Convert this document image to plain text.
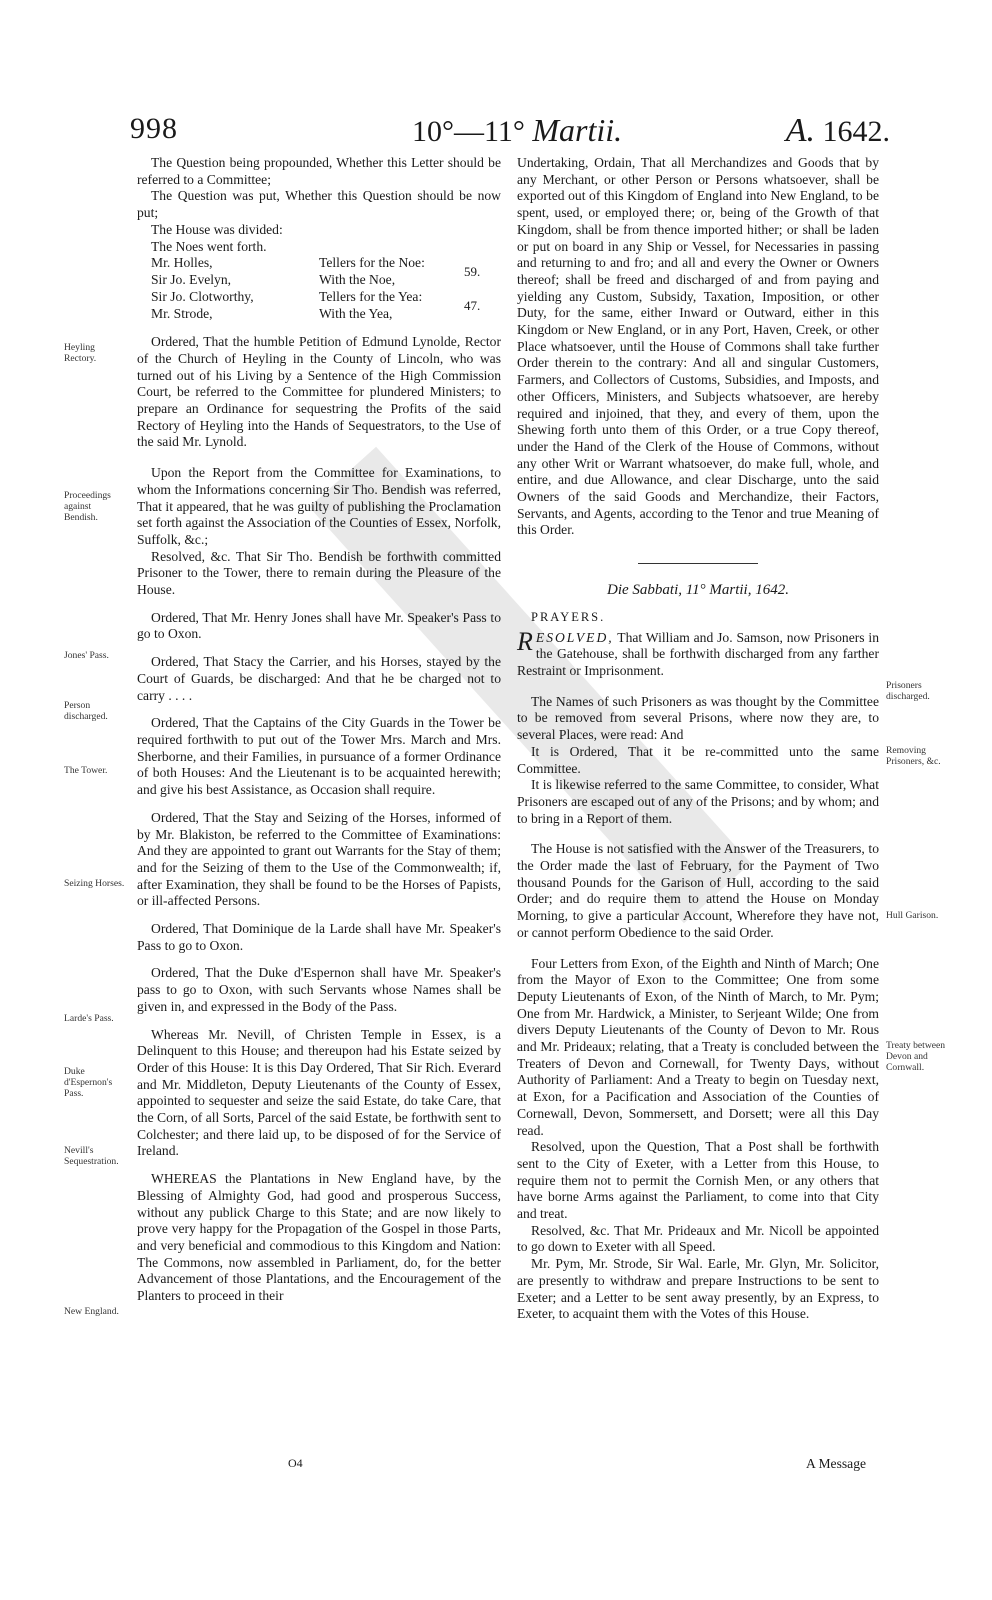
998	10°—11° Martii.	A. 1642.
Heyling Rectory.
Proceedings against Bendish.
Jones' Pass.
Person discharged.
The Tower.
Seizing Horses.
Larde's Pass.
Duke d'Espernon's Pass.
Nevill's Sequestration.
New England.
Prisoners discharged.
Removing Prisoners, &c.
Hull Garison.
Treaty between Devon and Cornwall.

The Question being propounded, Whether this Letter should be referred to a Committee;

The Question was put, Whether this Question should be now put;

The House was divided:

The Noes went forth.

Mr. Holles,	Tellers for the Noe:
Sir Jo. Evelyn,	With the Noe,
59.
Sir Jo. Clotworthy,	Tellers for the Yea:
Mr. Strode,	With the Yea,
47.

Ordered, That the humble Petition of Edmund Lynolde, Rector of the Church of Heyling in the County of Lincoln, who was turned out of his Living by a Sentence of the High Commission Court, be referred to the Committee for plundered Ministers; to prepare an Ordinance for sequestring the Profits of the said Rectory of Heyling into the Hands of Sequestrators, to the Use of the said Mr. Lynold.

Upon the Report from the Committee for Examinations, to whom the Informations concerning Sir Tho. Bendish was referred, That it appeared, that he was guilty of publishing the Proclamation set forth against the Association of the Counties of Essex, Norfolk, Suffolk, &c.;

Resolved, &c. That Sir Tho. Bendish be forthwith committed Prisoner to the Tower, there to remain during the Pleasure of the House.

Ordered, That Mr. Henry Jones shall have Mr. Speaker's Pass to go to Oxon.

Ordered, That Stacy the Carrier, and his Horses, stayed by the Court of Guards, be discharged: And that he be charged not to carry . . . .

Ordered, That the Captains of the City Guards in the Tower be required forthwith to put out of the Tower Mrs. March and Mrs. Sherborne, and their Families, in pursuance of a former Ordinance of both Houses: And the Lieutenant is to be acquainted herewith; and give his best Assistance, as Occasion shall require.

Ordered, That the Stay and Seizing of the Horses, informed of by Mr. Blakiston, be referred to the Committee of Examinations: And they are appointed to grant out Warrants for the Stay of them; and for the Seizing of them to the Use of the Commonwealth; if, after Examination, they shall be found to be the Horses of Papists, or ill-affected Persons.

Ordered, That Dominique de la Larde shall have Mr. Speaker's Pass to go to Oxon.

Ordered, That the Duke d'Espernon shall have Mr. Speaker's pass to go to Oxon, with such Servants whose Names shall be given in, and expressed in the Body of the Pass.

Whereas Mr. Nevill, of Christen Temple in Essex, is a Delinquent to this House; and thereupon had his Estate seized by Order of this House: It is this Day Ordered, That Sir Rich. Everard and Mr. Middleton, Deputy Lieutenants of the County of Essex, appointed to sequester and seize the said Estate, do take Care, that the Corn, of all Sorts, Parcel of the said Estate, be forthwith sent to Colchester; and there laid up, to be disposed of for the Service of Ireland.

WHEREAS the Plantations in New England have, by the Blessing of Almighty God, had good and prosperous Success, without any publick Charge to this State; and are now likely to prove very happy for the Propagation of the Gospel in those Parts, and very beneficial and commodious to this Kingdom and Nation: The Commons, now assembled in Parliament, do, for the better Advancement of those Plantations, and the Encouragement of the Planters to proceed in their

Undertaking, Ordain, That all Merchandizes and Goods that by any Merchant, or other Person or Persons whatsoever, shall be exported out of this Kingdom of England into New England, to be spent, used, or employed there; or, being of the Growth of that Kingdom, shall be from thence imported hither; or shall be laden or put on board in any Ship or Vessel, for Necessaries in passing and returning to and fro; and all and every the Owner or Owners thereof; shall be freed and discharged of and from paying and yielding any Custom, Subsidy, Taxation, Imposition, or other Duty, for the same, either Inward or Outward, either in this Kingdom or New England, or in any Port, Haven, Creek, or other Place whatsoever, until the House of Commons shall take further Order therein to the contrary: And all and singular Customers, Farmers, and Collectors of Customs, Subsidies, and Imposts, and other Officers, Ministers, and Subjects whatsoever, are hereby required and injoined, that they, and every of them, upon the Shewing forth unto them of this Order, or a true Copy thereof, under the Hand of the Clerk of the House of Commons, without any other Writ or Warrant whatsoever, do make full, whole, and entire, and due Allowance, and clear Discharge, unto the said Owners of the said Goods and Merchandize, their Factors, Servants, and Agents, according to the Tenor and true Meaning of this Order.

Die Sabbati, 11° Martii, 1642.

PRAYERS.

RESOLVED, That William and Jo. Samson, now Prisoners in the Gatehouse, shall be forthwith discharged from any farther Restraint or Imprisonment.

The Names of such Prisoners as was thought by the Committee to be removed from several Prisons, where now they are, to several Places, were read: And

It is Ordered, That it be re-committed unto the same Committee.

It is likewise referred to the same Committee, to consider, What Prisoners are escaped out of any of the Prisons; and by whom; and to bring in a Report of them.

The House is not satisfied with the Answer of the Treasurers, to the Order made the last of February, for the Payment of Two thousand Pounds for the Garison of Hull, according to the said Order; and do require them to attend the House on Monday Morning, to give a particular Account, Wherefore they have not, or cannot perform Obedience to the said Order.

Four Letters from Exon, of the Eighth and Ninth of March; One from the Mayor of Exon to the Committee; One from some Deputy Lieutenants of Exon, of the Ninth of March, to Mr. Pym; One from Mr. Hardwick, a Minister, to Serjeant Wilde; One from divers Deputy Lieutenants of the County of Devon to Mr. Rous and Mr. Prideaux; relating, that a Treaty is concluded between the Treaters of Devon and Cornewall, for Twenty Days, without Authority of Parliament: And a Treaty to begin on Tuesday next, at Exon, for a Pacification and Association of the Counties of Cornewall, Devon, Sommersett, and Dorsett; were all this Day read.

Resolved, upon the Question, That a Post shall be forthwith sent to the City of Exeter, with a Letter from this House, to require them not to permit the Cornish Men, or any others that have borne Arms against the Parliament, to come into that City and treat.

Resolved, &c. That Mr. Prideaux and Mr. Nicoll be appointed to go down to Exeter with all Speed.

Mr. Pym, Mr. Strode, Sir Wal. Earle, Mr. Glyn, Mr. Solicitor, are presently to withdraw and prepare Instructions to be sent to Exeter; and a Letter to be sent away presently, by an Express, to Exeter, to acquaint them with the Votes of this House.

O4	A Message
